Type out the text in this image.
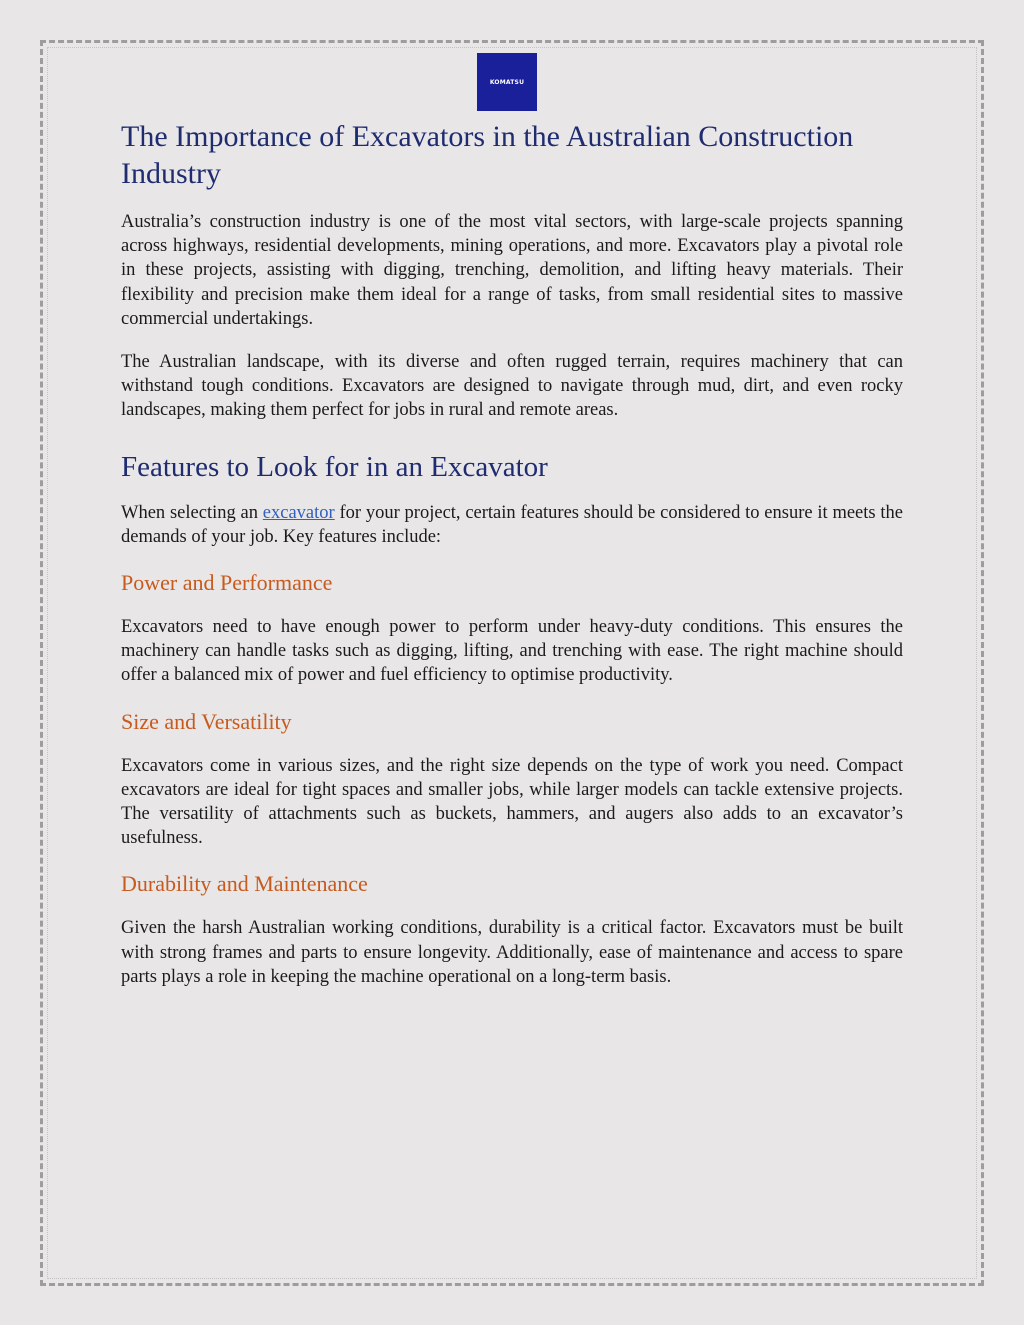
KOMATSU
The Importance of Excavators in the Australian Construction Industry

Australia’s construction industry is one of the most vital sectors, with large-scale projects spanning across highways, residential developments, mining operations, and more. Excavators play a pivotal role in these projects, assisting with digging, trenching, demolition, and lifting heavy materials. Their flexibility and precision make them ideal for a range of tasks, from small residential sites to massive commercial undertakings.

The Australian landscape, with its diverse and often rugged terrain, requires machinery that can withstand tough conditions. Excavators are designed to navigate through mud, dirt, and even rocky landscapes, making them perfect for jobs in rural and remote areas.

Features to Look for in an Excavator

When selecting an excavator for your project, certain features should be considered to ensure it meets the demands of your job. Key features include:

Power and Performance

Excavators need to have enough power to perform under heavy-duty conditions. This ensures the machinery can handle tasks such as digging, lifting, and trenching with ease. The right machine should offer a balanced mix of power and fuel efficiency to optimise productivity.

Size and Versatility

Excavators come in various sizes, and the right size depends on the type of work you need. Compact excavators are ideal for tight spaces and smaller jobs, while larger models can tackle extensive projects. The versatility of attachments such as buckets, hammers, and augers also adds to an excavator’s usefulness.

Durability and Maintenance

Given the harsh Australian working conditions, durability is a critical factor. Excavators must be built with strong frames and parts to ensure longevity. Additionally, ease of maintenance and access to spare parts plays a role in keeping the machine operational on a long-term basis.
